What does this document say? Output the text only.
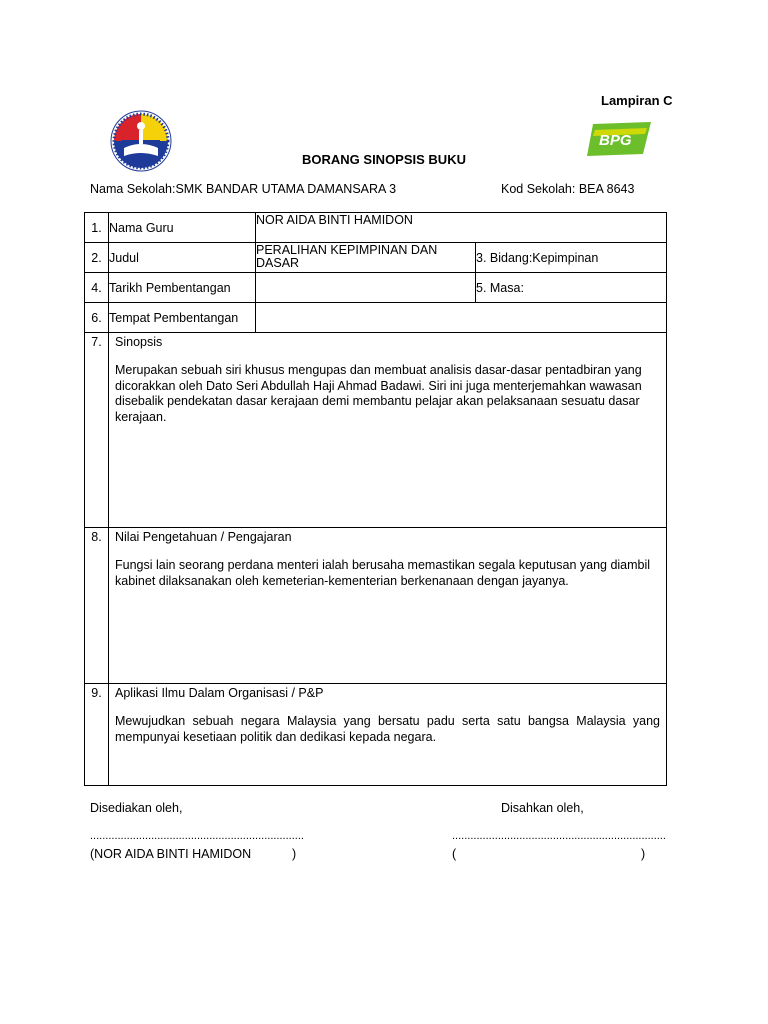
Lampiran C
BPG
BORANG SINOPSIS BUKU
Nama Sekolah:SMK BANDAR UTAMA DAMANSARA 3	Kod Sekolah: BEA 8643
1.	Nama Guru	NOR AIDA BINTI HAMIDON	
2.	Judul	PERALIHAN KEPIMPINAN DAN DASAR	3. Bidang:Kepimpinan
4.	Tarikh Pembentangan		5. Masa:
6.	Tempat Pembentangan		
7.	Sinopsis
Merupakan sebuah siri khusus mengupas dan membuat analisis dasar-dasar pentadbiran yang dicorakkan oleh Dato Seri Abdullah Haji Ahmad Badawi. Siri ini juga menterjemahkan wawasan disebalik pendekatan dasar kerajaan demi membantu pelajar akan pelaksanaan sesuatu dasar kerajaan.		

8.	Nilai Pengetahuan / Pengajaran
Fungsi lain seorang perdana menteri ialah berusaha memastikan segala keputusan yang diambil kabinet dilaksanakan oleh kemeterian-kementerian berkenanaan dengan jayanya.		

9.	Aplikasi Ilmu Dalam Organisasi / P&P
Mewujudkan sebuah negara Malaysia yang bersatu padu serta satu bangsa Malaysia yang mempunyai kesetiaan politik dan dedikasi kepada negara.		
Disediakan oleh,	Disahkan oleh,
......................................................................	......................................................................
(NOR AIDA BINTI HAMIDON	)	(	)
